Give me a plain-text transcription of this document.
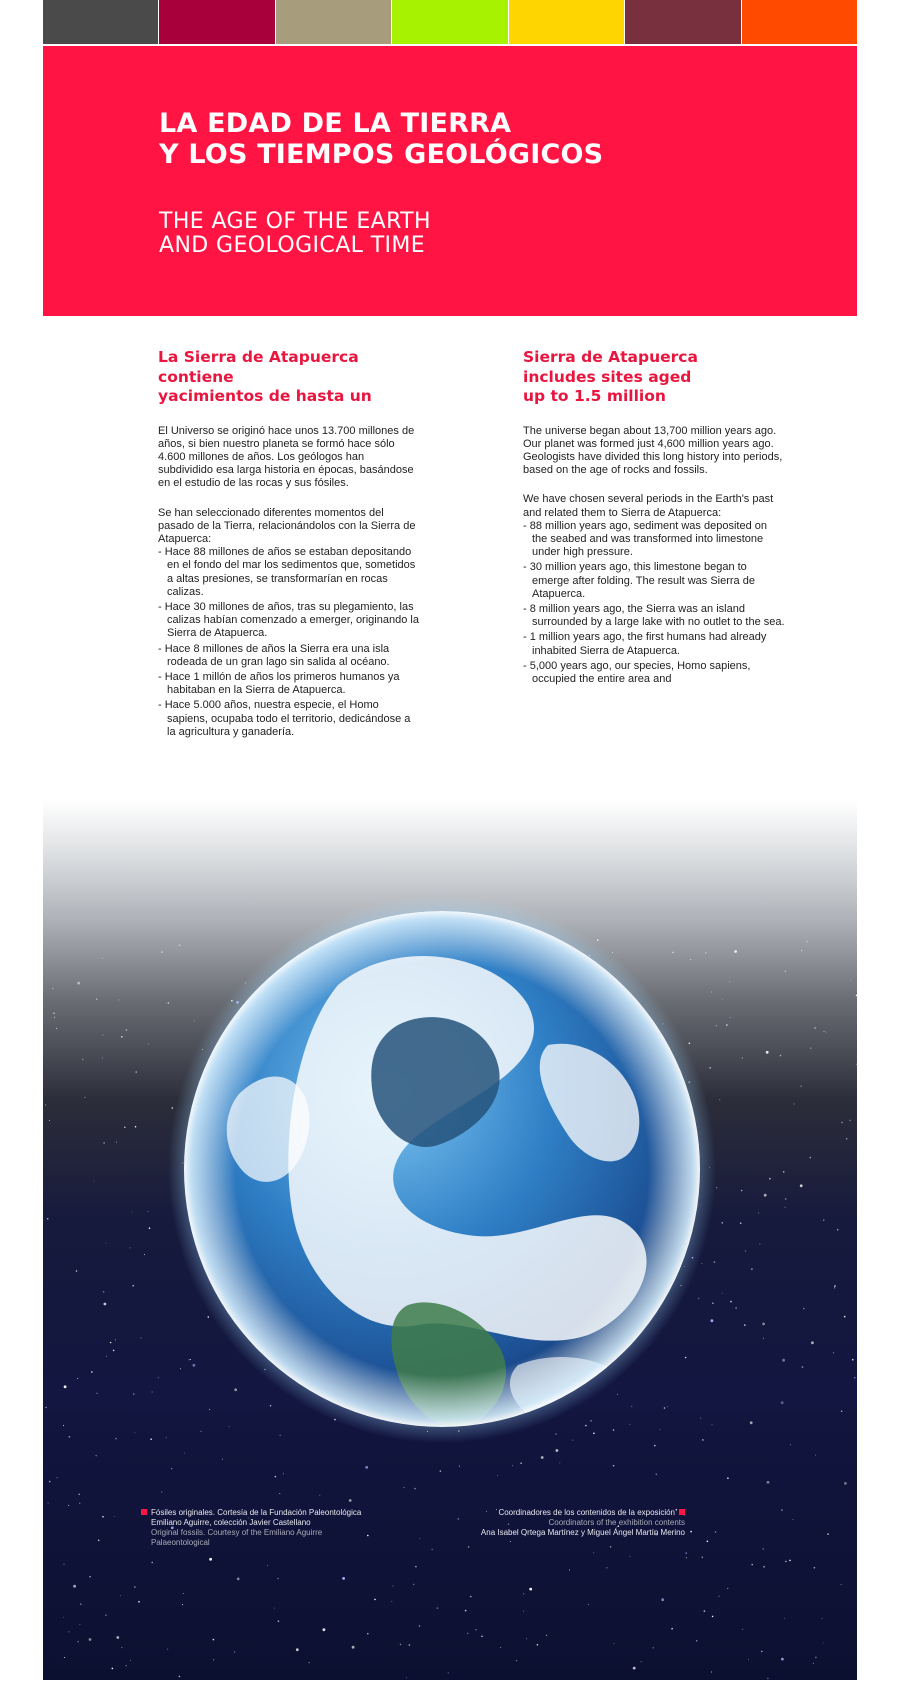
LA EDAD DE LA TIERRA
Y LOS TIEMPOS GEOLÓGICOS
THE AGE OF THE EARTH
AND GEOLOGICAL TIME
La Sierra de Atapuerca
contiene
yacimientos de hasta un

El Universo se originó hace unos 13.700 millones de años, si bien nuestro planeta se formó hace sólo 4.600 millones de años. Los geólogos han subdividido esa larga historia en épocas, basándose en el estudio de las rocas y sus fósiles.

Se han seleccionado diferentes momentos del pasado de la Tierra, relacionándolos con la Sierra de Atapuerca:

- Hace 88 millones de años se estaban depositando en el fondo del mar los sedimentos que, sometidos a altas presiones, se transformarían en rocas calizas.
- Hace 30 millones de años, tras su plegamiento, las calizas habían comenzado a emerger, originando la Sierra de Atapuerca.
- Hace 8 millones de años la Sierra era una isla rodeada de un gran lago sin salida al océano.
- Hace 1 millón de años los primeros humanos ya habitaban en la Sierra de Atapuerca.
- Hace 5.000 años, nuestra especie, el Homo sapiens, ocupaba todo el territorio, dedicándose a la agricultura y ganadería.
Sierra de Atapuerca
includes sites aged
up to 1.5 million

The universe began about 13,700 million years ago. Our planet was formed just 4,600 million years ago. Geologists have divided this long history into periods, based on the age of rocks and fossils.

We have chosen several periods in the Earth's past and related them to Sierra de Atapuerca:

- 88 million years ago, sediment was deposited on the seabed and was transformed into limestone under high pressure.
- 30 million years ago, this limestone began to emerge after folding. The result was Sierra de Atapuerca.
- 8 million years ago, the Sierra was an island surrounded by a large lake with no outlet to the sea.
- 1 million years ago, the first humans had already inhabited Sierra de Atapuerca.
- 5,000 years ago, our species, Homo sapiens, occupied the entire area and
Fósiles originales. Cortesía de la Fundación Paleontológica
Emiliano Aguirre, colección Javier Castellano
Original fossils. Courtesy of the Emiliano Aguirre
Palaeontological
Coordinadores de los contenidos de la exposición
Coordinators of the exhibition contents
Ana Isabel Ortega Martínez y Miguel Ángel Martín Merino
